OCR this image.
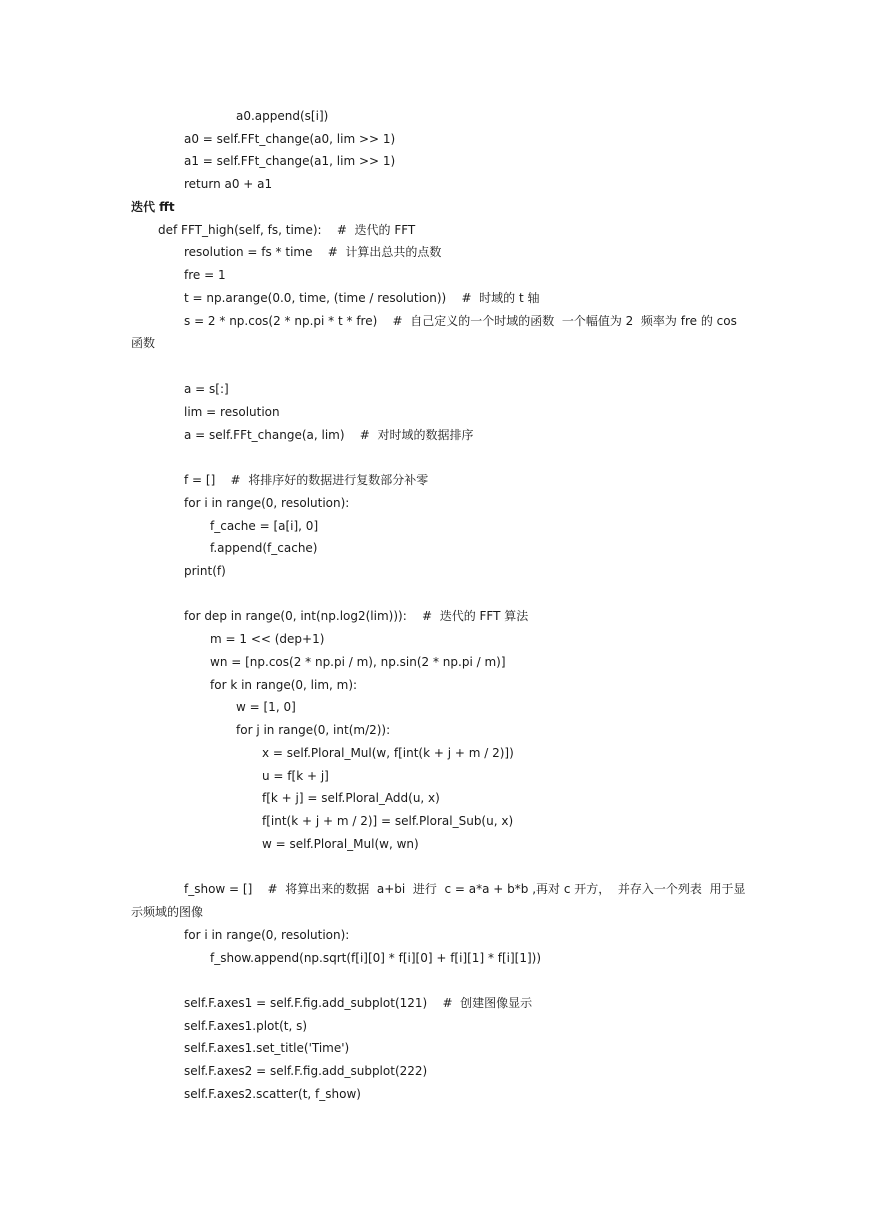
a0.append(s[i])
a0 = self.FFt_change(a0, lim >> 1)
a1 = self.FFt_change(a1, lim >> 1)
return a0 + a1
迭代 fft
def FFT_high(self, fs, time):    #  迭代的 FFT
resolution = fs * time    #  计算出总共的点数
fre = 1
t = np.arange(0.0, time, (time / resolution))    #  时域的 t 轴
s = 2 * np.cos(2 * np.pi * t * fre)    #  自己定义的一个时域的函数  一个幅值为 2  频率为 fre 的 cos
函数
a = s[:]
lim = resolution
a = self.FFt_change(a, lim)    #  对时域的数据排序
f = []    #  将排序好的数据进行复数部分补零
for i in range(0, resolution):
f_cache = [a[i], 0]
f.append(f_cache)
print(f)
for dep in range(0, int(np.log2(lim))):    #  迭代的 FFT 算法
m = 1 << (dep+1)
wn = [np.cos(2 * np.pi / m), np.sin(2 * np.pi / m)]
for k in range(0, lim, m):
w = [1, 0]
for j in range(0, int(m/2)):
x = self.Ploral_Mul(w, f[int(k + j + m / 2)])
u = f[k + j]
f[k + j] = self.Ploral_Add(u, x)
f[int(k + j + m / 2)] = self.Ploral_Sub(u, x)
w = self.Ploral_Mul(w, wn)
f_show = []    #  将算出来的数据  a+bi  进行  c = a*a + b*b ,再对 c 开方，  并存入一个列表  用于显
示频域的图像
for i in range(0, resolution):
f_show.append(np.sqrt(f[i][0] * f[i][0] + f[i][1] * f[i][1]))
self.F.axes1 = self.F.fig.add_subplot(121)    #  创建图像显示
self.F.axes1.plot(t, s)
self.F.axes1.set_title('Time')
self.F.axes2 = self.F.fig.add_subplot(222)
self.F.axes2.scatter(t, f_show)
